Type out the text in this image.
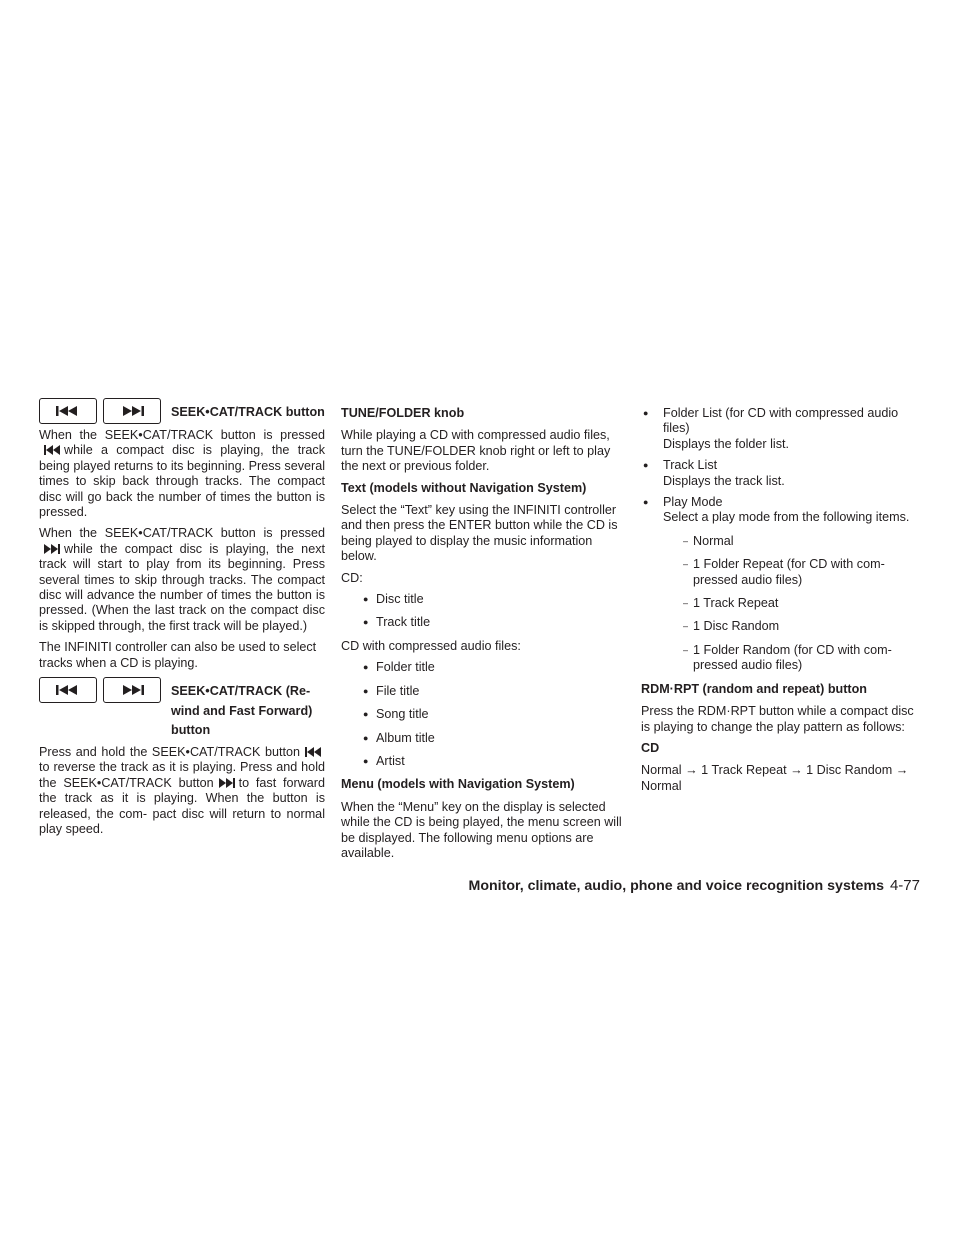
SEEK•CAT/TRACK button

When the SEEK•CAT/TRACK button is pressed
while a compact disc is playing, the track being played returns to its beginning. Press several times to skip back through tracks. The compact disc will go back the number of times the button is pressed.

When the SEEK•CAT/TRACK button is pressed
while the compact disc is playing, the next track will start to play from its beginning. Press several times to skip through tracks. The compact disc will advance the number of times the button is pressed. (When the last track on the compact disc is skipped through, the first track will be played.)

The INFINITI controller can also be used to select tracks when a CD is playing.

SEEK•CAT/TRACK (Re- wind and Fast Forward) button

Press and hold the SEEK•CAT/TRACK button
to reverse the track as it is playing. Press and hold the SEEK•CAT/TRACK button to fast forward the track as it is playing. When the button is released, the com- pact disc will return to normal play speed.

TUNE/FOLDER knob

While playing a CD with compressed audio files, turn the TUNE/FOLDER knob right or left to play the next or previous folder.

Text (models without Navigation System)

Select the “Text” key using the INFINITI controller and then press the ENTER button while the CD is being played to display the music information below.

CD:

● Disc title
● Track title

CD with compressed audio files:

● Folder title
● File title
● Song title
● Album title
● Artist
Menu (models with Navigation System)

When the “Menu” key on the display is selected while the CD is being played, the menu screen will be displayed. The following menu options are available.

● Folder List (for CD with compressed audio files)
Displays the folder list.
● Track List
Displays the track list.
● Play Mode
Select a play mode from the following items.
– Normal
– 1 Folder Repeat (for CD with com- pressed audio files)
– 1 Track Repeat
– 1 Disc Random
– 1 Folder Random (for CD with com- pressed audio files)
RDM·RPT (random and repeat) button

Press the RDM·RPT button while a compact disc is playing to change the play pattern as follows:

CD

Normal → 1 Track Repeat → 1 Disc Random → Normal

Monitor, climate, audio, phone and voice recognition systems 4-77
